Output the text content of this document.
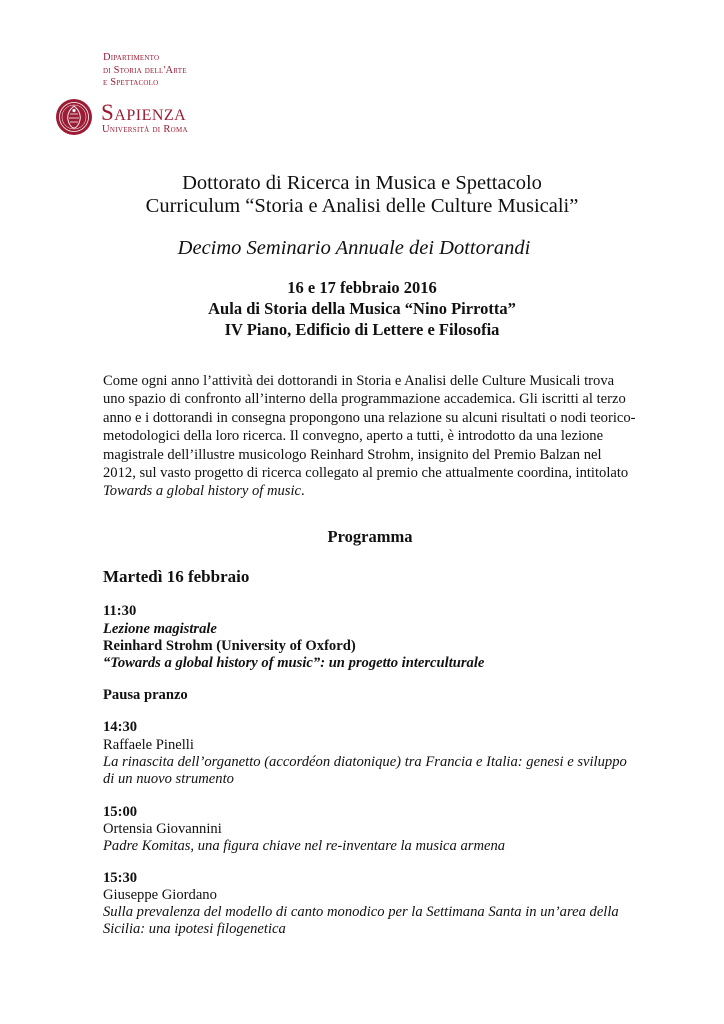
Dipartimento
di Storia dell'Arte
e Spettacolo
Sapienza
Università di Roma
Dottorato di Ricerca in Musica e Spettacolo
Curriculum “Storia e Analisi delle Culture Musicali”
Decimo Seminario Annuale dei Dottorandi
16 e 17 febbraio 2016
Aula di Storia della Musica “Nino Pirrotta”
IV Piano, Edificio di Lettere e Filosofia
Come ogni anno l’attività dei dottorandi in Storia e Analisi delle Culture Musicali trova
uno spazio di confronto all’interno della programmazione accademica. Gli iscritti al terzo
anno e i dottorandi in consegna propongono una relazione su alcuni risultati o nodi teorico-
metodologici della loro ricerca. Il convegno, aperto a tutti, è introdotto da una lezione
magistrale dell’illustre musicologo Reinhard Strohm, insignito del Premio Balzan nel
2012, sul vasto progetto di ricerca collegato al premio che attualmente coordina, intitolato
Towards a global history of music.
Programma
Martedì 16 febbraio
11:30
Lezione magistrale
Reinhard Strohm (University of Oxford)
“Towards a global history of music”: un progetto interculturale
Pausa pranzo
14:30
Raffaele Pinelli
La rinascita dell’organetto (accordéon diatonique) tra Francia e Italia: genesi e sviluppo
di un nuovo strumento
15:00
Ortensia Giovannini
Padre Komitas, una figura chiave nel re-inventare la musica armena
15:30
Giuseppe Giordano
Sulla prevalenza del modello di canto monodico per la Settimana Santa in un’area della
Sicilia: una ipotesi filogenetica
